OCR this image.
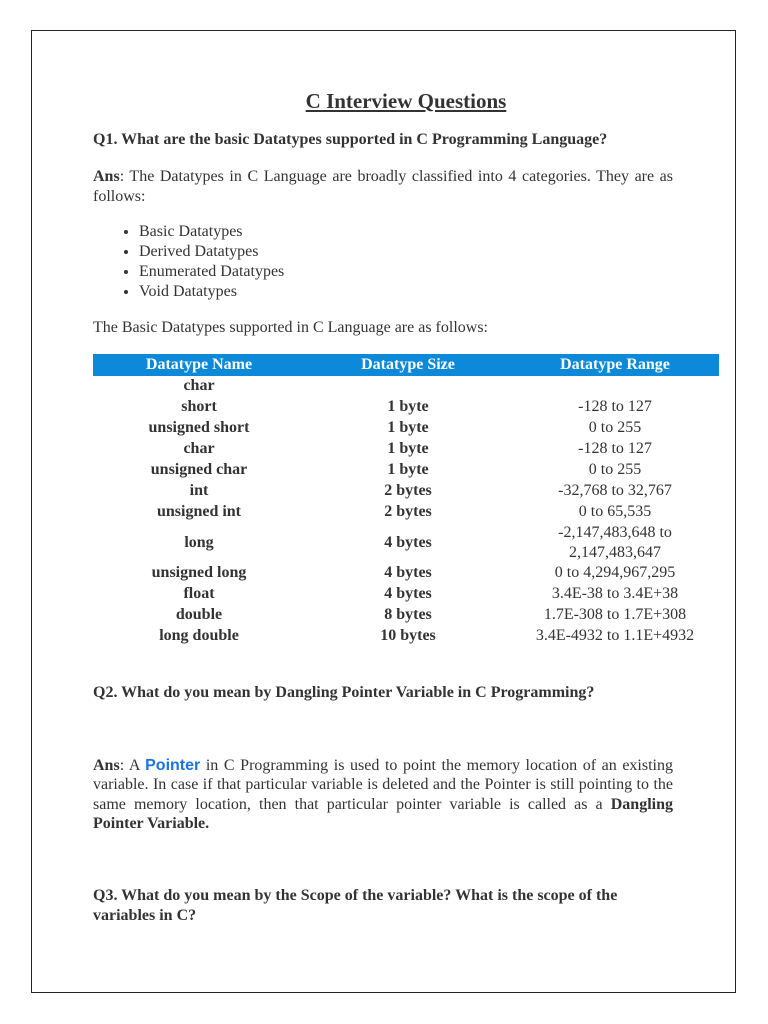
C Interview Questions

Q1. What are the basic Datatypes supported in C Programming Language?

Ans: The Datatypes in C Language are broadly classified into 4 categories. They are as follows:

• Basic Datatypes
• Derived Datatypes
• Enumerated Datatypes
• Void Datatypes

The Basic Datatypes supported in C Language are as follows:

Datatype Name	Datatype Size	Datatype Range
char		
short	1 byte	-128 to 127
unsigned short	1 byte	0 to 255
char	1 byte	-128 to 127
unsigned char	1 byte	0 to 255
int	2 bytes	-32,768 to 32,767
unsigned int	2 bytes	0 to 65,535
long	4 bytes	-2,147,483,648 to 2,147,483,647
unsigned long	4 bytes	0 to 4,294,967,295
float	4 bytes	3.4E-38 to 3.4E+38
double	8 bytes	1.7E-308 to 1.7E+308
long double	10 bytes	3.4E-4932 to 1.1E+4932

Q2. What do you mean by Dangling Pointer Variable in C Programming?

Ans: A Pointer in C Programming is used to point the memory location of an existing variable. In case if that particular variable is deleted and the Pointer is still pointing to the same memory location, then that particular pointer variable is called as a Dangling Pointer Variable.

Q3. What do you mean by the Scope of the variable? What is the scope of the variables in C?
